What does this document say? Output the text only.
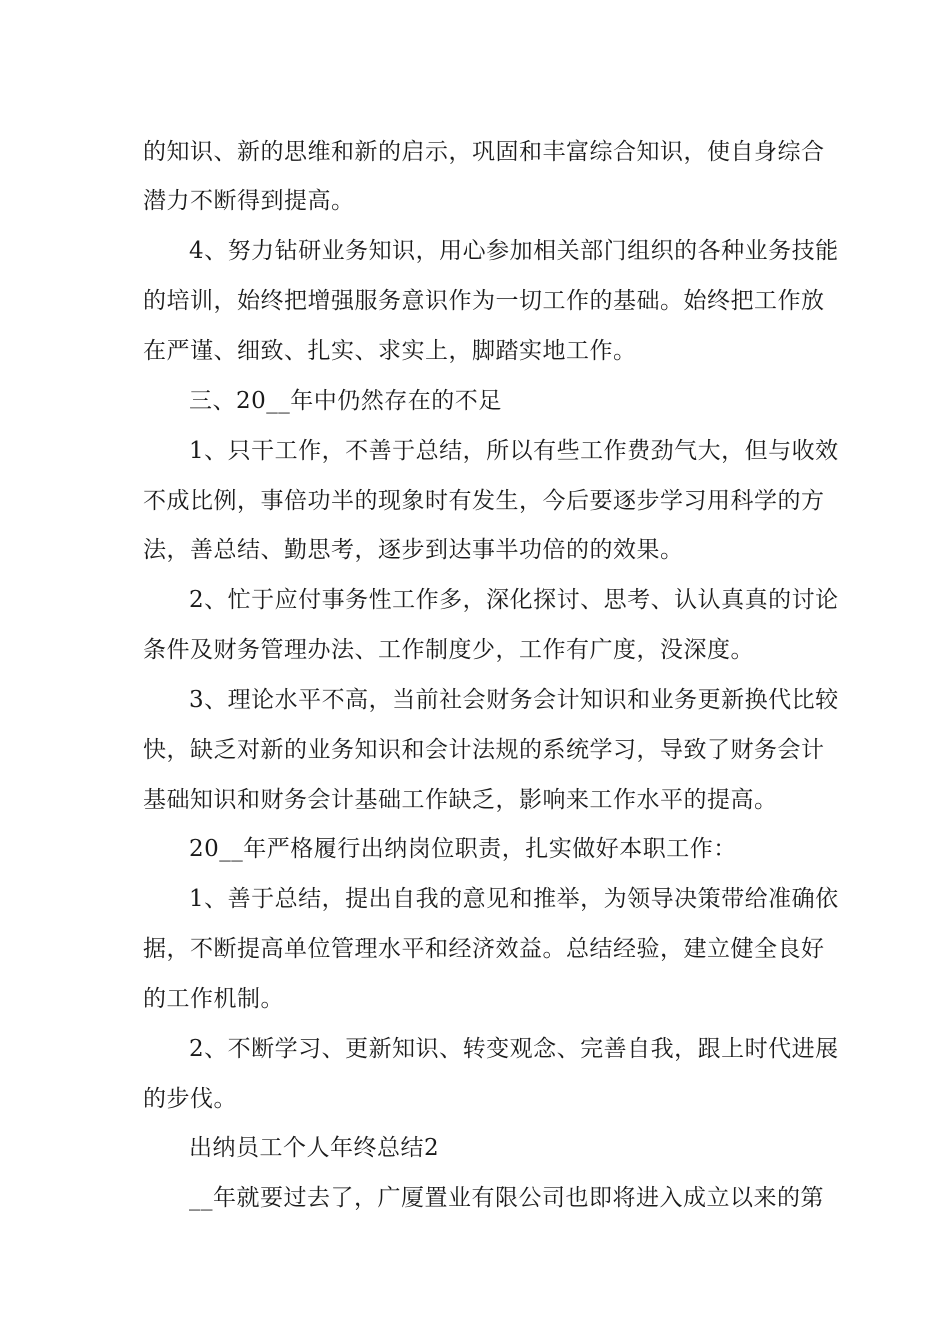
的知识、新的思维和新的启示，巩固和丰富综合知识，使自身综合
潜力不断得到提高。
4、努力钻研业务知识，用心参加相关部门组织的各种业务技能
的培训，始终把增强服务意识作为一切工作的基础。始终把工作放
在严谨、细致、扎实、求实上，脚踏实地工作。
三、20__年中仍然存在的不足
1、只干工作，不善于总结，所以有些工作费劲气大，但与收效
不成比例，事倍功半的现象时有发生，今后要逐步学习用科学的方
法，善总结、勤思考，逐步到达事半功倍的的效果。
2、忙于应付事务性工作多，深化探讨、思考、认认真真的讨论
条件及财务管理办法、工作制度少，工作有广度，没深度。
3、理论水平不高，当前社会财务会计知识和业务更新换代比较
快，缺乏对新的业务知识和会计法规的系统学习，导致了财务会计
基础知识和财务会计基础工作缺乏，影响来工作水平的提高。
20__年严格履行出纳岗位职责，扎实做好本职工作：
1、善于总结，提出自我的意见和推举，为领导决策带给准确依
据，不断提高单位管理水平和经济效益。总结经验，建立健全良好
的工作机制。
2、不断学习、更新知识、转变观念、完善自我，跟上时代进展
的步伐。
出纳员工个人年终总结2
__年就要过去了，广厦置业有限公司也即将进入成立以来的第
